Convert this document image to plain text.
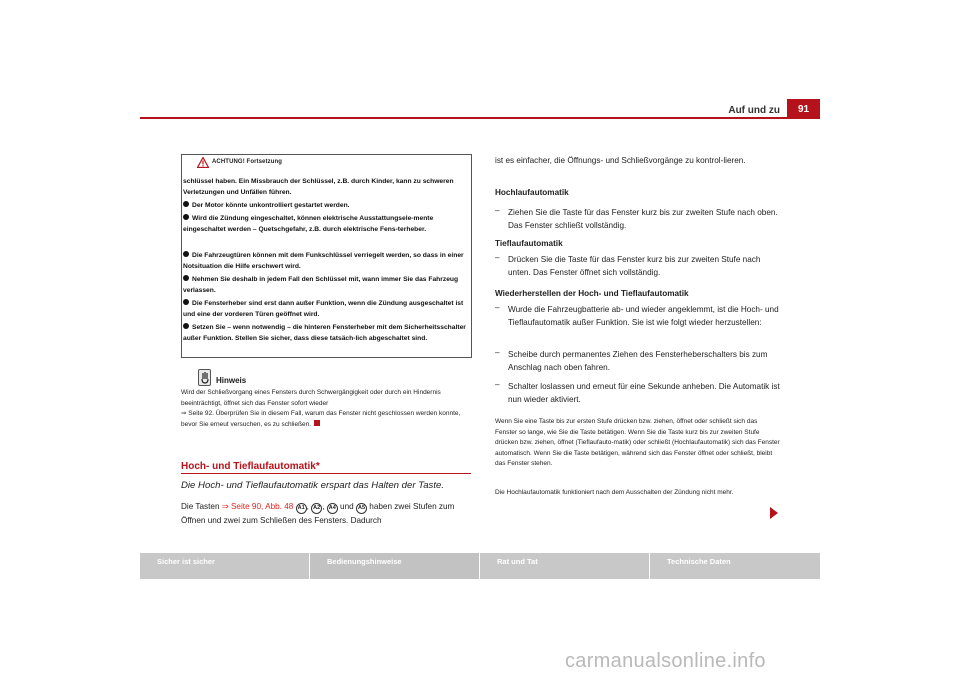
Auf und zu	91
ACHTUNG! Fortsetzung
schlüssel haben. Ein Missbrauch der Schlüssel, z.B. durch Kinder, kann zu schweren Verletzungen und Unfällen führen.
Der Motor könnte unkontrolliert gestartet werden.
Wird die Zündung eingeschaltet, können elektrische Ausstattungsele-mente eingeschaltet werden – Quetschgefahr, z.B. durch elektrische Fens-terheber.
Die Fahrzeugtüren können mit dem Funkschlüssel verriegelt werden, so dass in einer Notsituation die Hilfe erschwert wird.
Nehmen Sie deshalb in jedem Fall den Schlüssel mit, wann immer Sie das Fahrzeug verlassen.
Die Fensterheber sind erst dann außer Funktion, wenn die Zündung ausgeschaltet ist und eine der vorderen Türen geöffnet wird.
Setzen Sie – wenn notwendig – die hinteren Fensterheber mit dem Sicherheitsschalter außer Funktion. Stellen Sie sicher, dass diese tatsäch-lich abgeschaltet sind.
Hinweis
Wird der Schließvorgang eines Fensters durch Schwergängigkeit oder durch ein Hindernis beeinträchtigt, öffnet sich das Fenster sofort wieder
⇒ Seite 92. Überprüfen Sie in diesem Fall, warum das Fenster nicht geschlossen werden konnte, bevor Sie erneut versuchen, es zu schließen.
Hoch- und Tieflaufautomatik*
Die Hoch- und Tieflaufautomatik erspart das Halten der Taste.
Die Tasten ⇒ Seite 90, Abb. 48 A1 , A2 , A4 und A5 haben zwei Stufen zum Öffnen und zwei zum Schließen des Fensters. Dadurch
ist es einfacher, die Öffnungs- und Schließvorgänge zu kontrol-lieren.
Hochlaufautomatik
–	Ziehen Sie die Taste für das Fenster kurz bis zur zweiten Stufe nach oben. Das Fenster schließt vollständig.
Tieflaufautomatik
–	Drücken Sie die Taste für das Fenster kurz bis zur zweiten Stufe nach unten. Das Fenster öffnet sich vollständig.
Wiederherstellen der Hoch- und Tieflaufautomatik
–	Wurde die Fahrzeugbatterie ab- und wieder angeklemmt, ist die Hoch- und Tieflaufautomatik außer Funktion. Sie ist wie folgt wieder herzustellen:
–	Scheibe durch permanentes Ziehen des Fensterheberschalters bis zum Anschlag nach oben fahren.
–	Schalter loslassen und erneut für eine Sekunde anheben. Die Automatik ist nun wieder aktiviert.
Wenn Sie eine Taste bis zur ersten Stufe drücken bzw. ziehen, öffnet oder schließt sich das Fenster so lange, wie Sie die Taste betätigen. Wenn Sie die Taste kurz bis zur zweiten Stufe drücken bzw. ziehen, öffnet (Tieflaufauto-matik) oder schließt (Hochlaufautomatik) sich das Fenster automatisch. Wenn Sie die Taste betätigen, während sich das Fenster öffnet oder schließt, bleibt das Fenster stehen.
Die Hochlaufautomatik funktioniert nach dem Ausschalten der Zündung nicht mehr.
Sicher ist sicher	Bedienungshinweise	Rat und Tat	Technische Daten
carmanualsonline.info
